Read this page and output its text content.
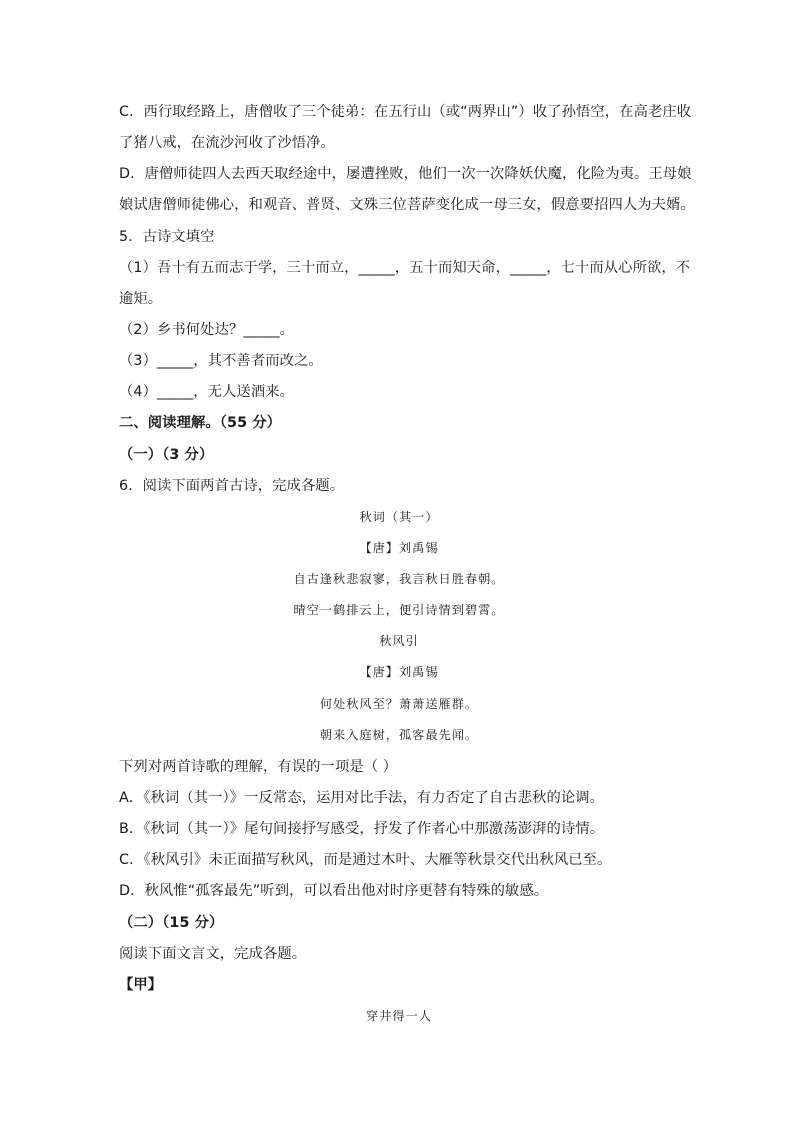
C．西行取经路上，唐僧收了三个徒弟：在五行山（或“两界山”）收了孙悟空，在高老庄收
了猪八戒，在流沙河收了沙悟净。
D．唐僧师徒四人去西天取经途中，屡遭挫败，他们一次一次降妖伏魔，化险为夷。王母娘
娘试唐僧师徒佛心，和观音、普贤、文殊三位菩萨变化成一母三女，假意要招四人为夫婿。
5．古诗文填空
（1）吾十有五而志于学，三十而立，_____，五十而知天命，_____，七十而从心所欲，不
逾矩。
（2）乡书何处达？_____。
（3）_____，其不善者而改之。
（4）_____，无人送酒来。
二、阅读理解。（55 分）
（一）（3 分）
6．阅读下面两首古诗，完成各题。
秋词（其一）
【唐】刘禹锡
自古逢秋悲寂寥，我言秋日胜春朝。
晴空一鹤排云上，便引诗情到碧霄。
秋风引
【唐】刘禹锡
何处秋风至？萧萧送雁群。
朝来入庭树，孤客最先闻。
下列对两首诗歌的理解，有误的一项是（ ）
A．《秋词（其一）》一反常态，运用对比手法，有力否定了自古悲秋的论调。
B．《秋词（其一）》尾句间接抒写感受，抒发了作者心中那激荡澎湃的诗情。
C．《秋风引》未正面描写秋风，而是通过木叶、大雁等秋景交代出秋风已至。
D．秋风惟“孤客最先”听到，可以看出他对时序更替有特殊的敏感。
（二）（15 分）
阅读下面文言文，完成各题。
【甲】
穿井得一人
